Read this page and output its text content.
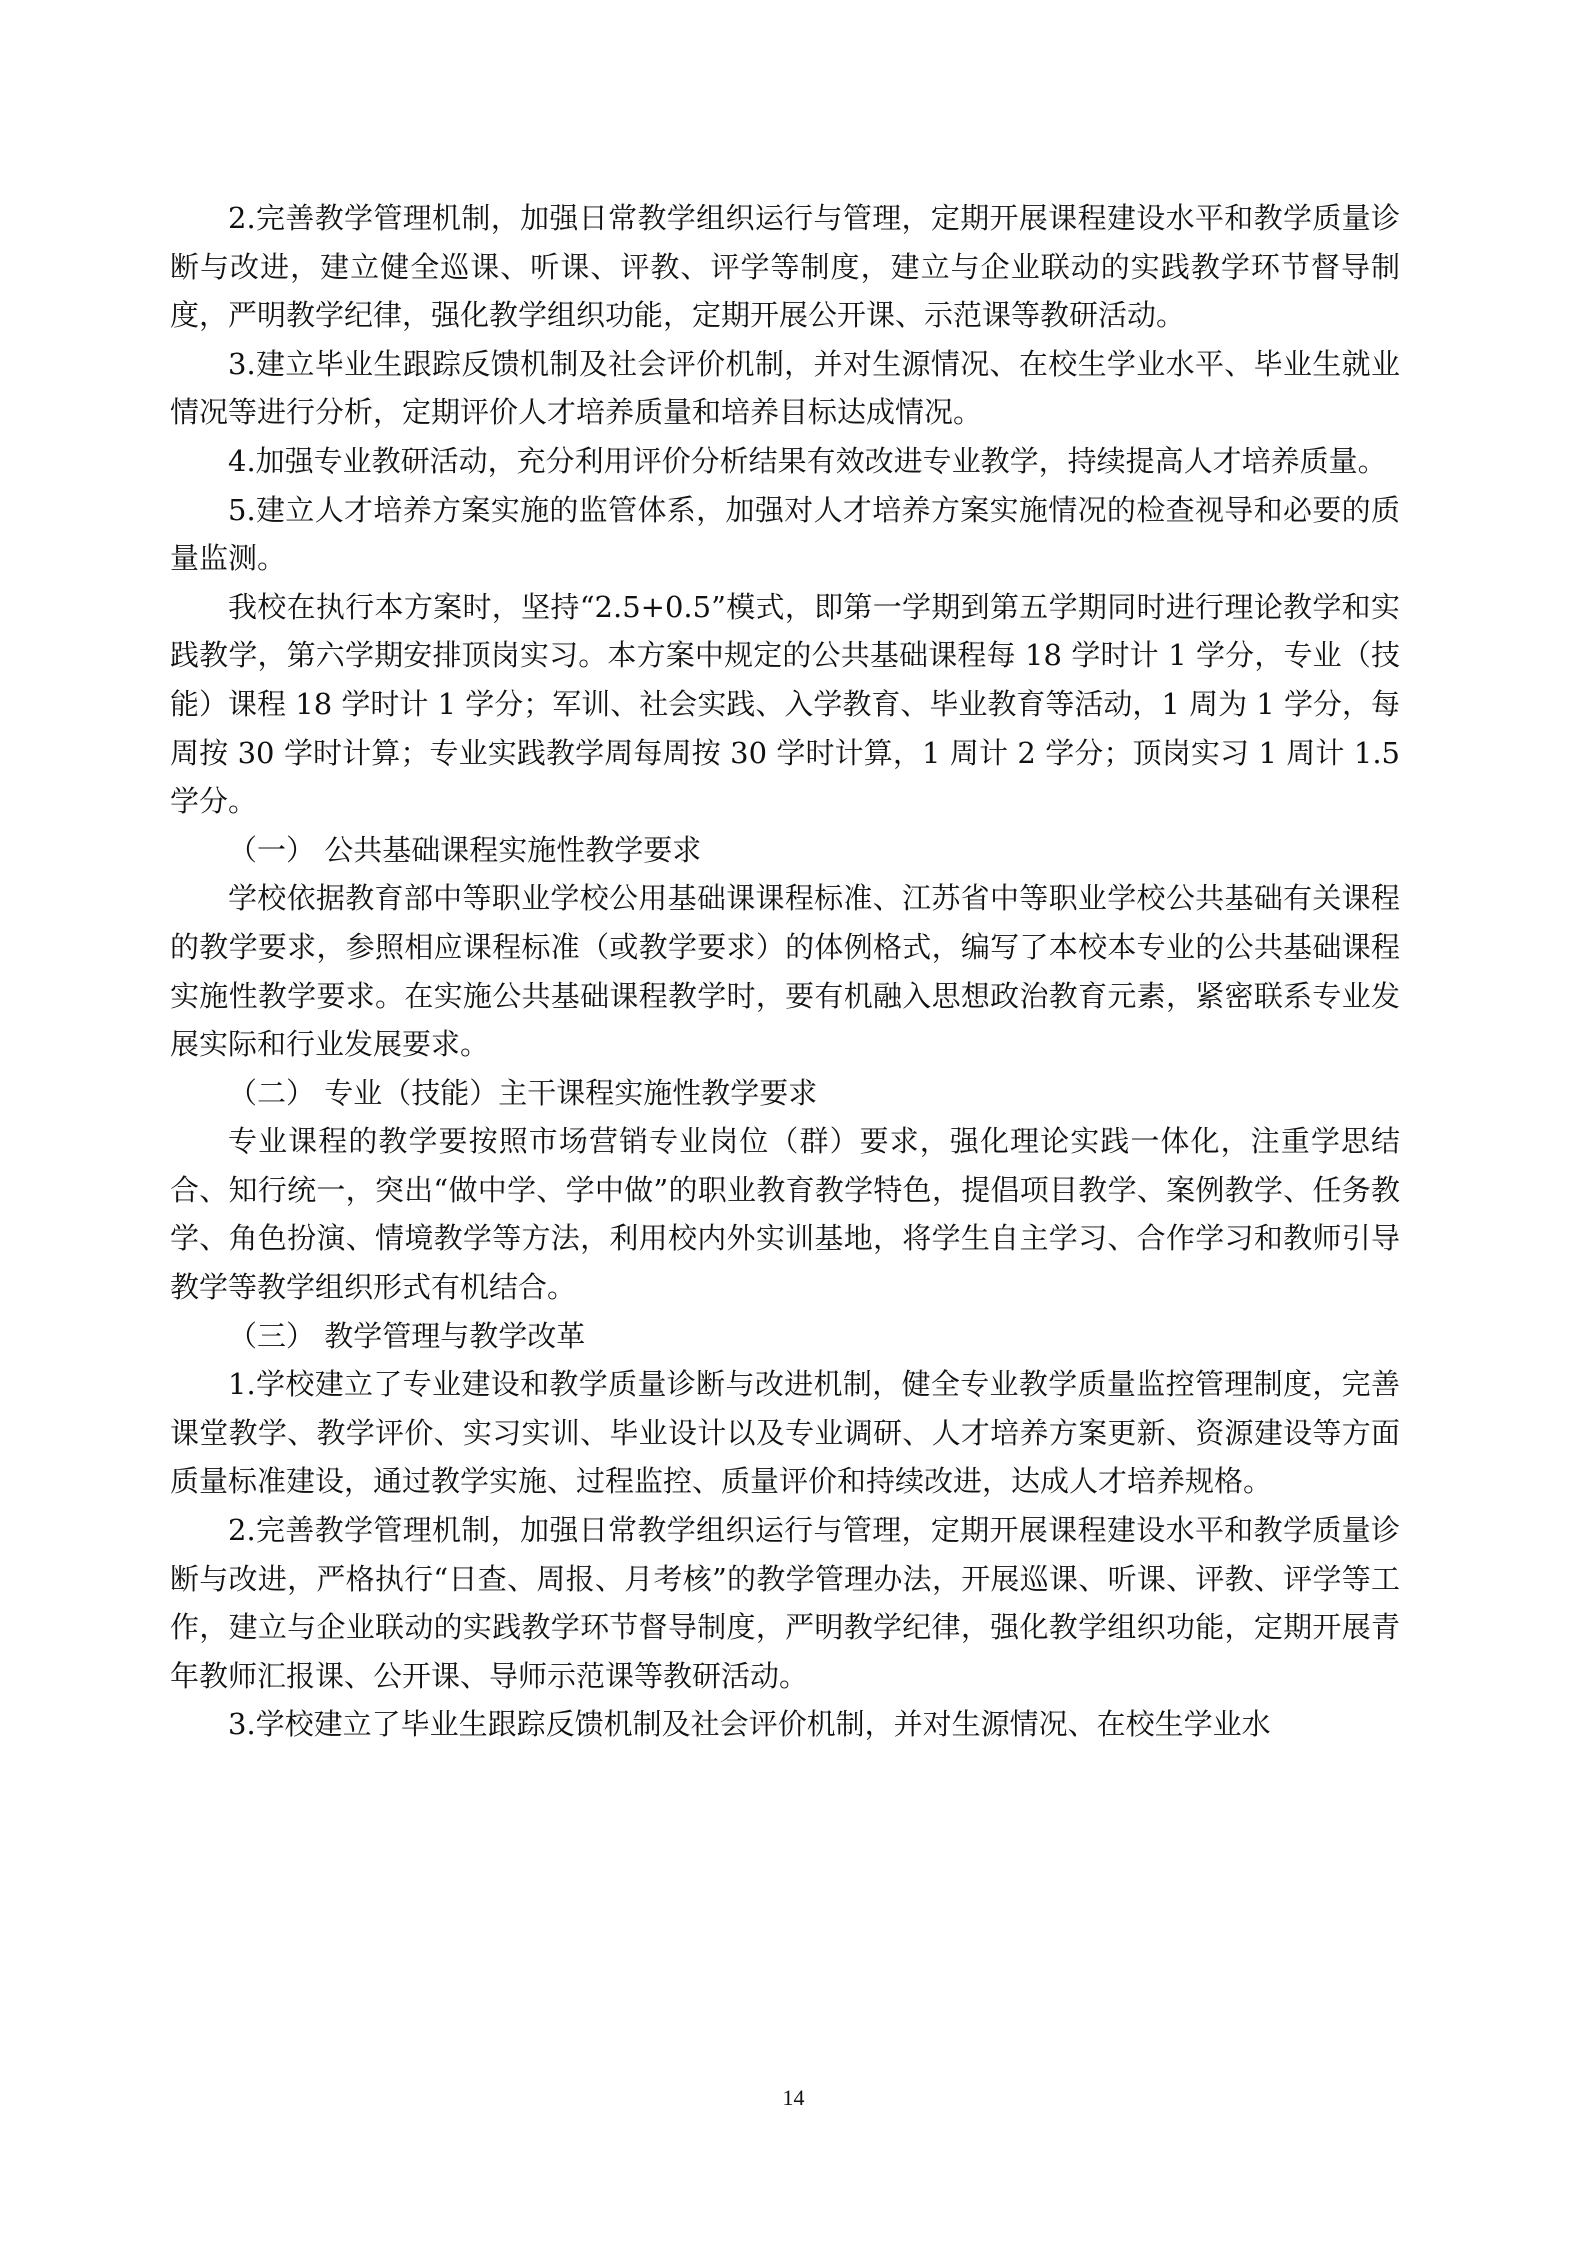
2.完善教学管理机制，加强日常教学组织运行与管理，定期开展课程建设水平和教学质量诊断与改进，建立健全巡课、听课、评教、评学等制度，建立与企业联动的实践教学环节督导制度，严明教学纪律，强化教学组织功能，定期开展公开课、示范课等教研活动。

3.建立毕业生跟踪反馈机制及社会评价机制，并对生源情况、在校生学业水平、毕业生就业情况等进行分析，定期评价人才培养质量和培养目标达成情况。

4.加强专业教研活动，充分利用评价分析结果有效改进专业教学，持续提高人才培养质量。

5.建立人才培养方案实施的监管体系，加强对人才培养方案实施情况的检查视导和必要的质量监测。

我校在执行本方案时，坚持“2.5+0.5”模式，即第一学期到第五学期同时进行理论教学和实践教学，第六学期安排顶岗实习。本方案中规定的公共基础课程每 18 学时计 1 学分，专业（技能）课程 18 学时计 1 学分；军训、社会实践、入学教育、毕业教育等活动，1 周为 1 学分，每周按 30 学时计算；专业实践教学周每周按 30 学时计算，1 周计 2 学分；顶岗实习 1 周计 1.5 学分。

（一） 公共基础课程实施性教学要求

学校依据教育部中等职业学校公用基础课课程标准、江苏省中等职业学校公共基础有关课程的教学要求，参照相应课程标准（或教学要求）的体例格式，编写了本校本专业的公共基础课程实施性教学要求。在实施公共基础课程教学时，要有机融入思想政治教育元素，紧密联系专业发展实际和行业发展要求。

（二） 专业（技能）主干课程实施性教学要求

专业课程的教学要按照市场营销专业岗位（群）要求，强化理论实践一体化，注重学思结合、知行统一，突出“做中学、学中做”的职业教育教学特色，提倡项目教学、案例教学、任务教学、角色扮演、情境教学等方法，利用校内外实训基地，将学生自主学习、合作学习和教师引导教学等教学组织形式有机结合。

（三） 教学管理与教学改革

1.学校建立了专业建设和教学质量诊断与改进机制，健全专业教学质量监控管理制度，完善课堂教学、教学评价、实习实训、毕业设计以及专业调研、人才培养方案更新、资源建设等方面质量标准建设，通过教学实施、过程监控、质量评价和持续改进，达成人才培养规格。

2.完善教学管理机制，加强日常教学组织运行与管理，定期开展课程建设水平和教学质量诊断与改进，严格执行“日查、周报、月考核”的教学管理办法，开展巡课、听课、评教、评学等工作，建立与企业联动的实践教学环节督导制度，严明教学纪律，强化教学组织功能，定期开展青年教师汇报课、公开课、导师示范课等教研活动。

3.学校建立了毕业生跟踪反馈机制及社会评价机制，并对生源情况、在校生学业水

14
